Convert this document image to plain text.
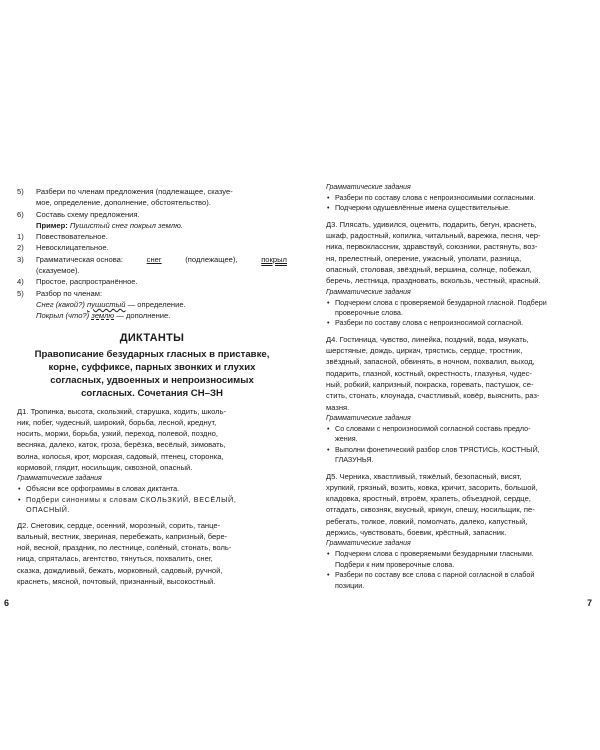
5) Разбери по членам предложения (подлежащее, сказуе-
мое, определение, дополнение, обстоятельство).
6) Составь схему предложения.
Пример: Пушистый снег покрыл землю.
1) Повествовательное.
2) Невосклицательное.
3) Грамматическая основа:	снег	(подлежащее),	покрыл
(сказуемое).
4) Простое, распространённое.
5) Разбор по членам:
Снег (какой?) пушистый — определение.
Покрыл (что?) землю — дополнение.
ДИКТАНТЫ
Правописание безударных гласных в приставке,
корне, суффиксе, парных звонких и глухих
согласных, удвоенных и непроизносимых
согласных. Сочетания СН–ЗН
Д1. Тропинка, высота, скользкий, старушка, ходить, школь-
ник, побег, чудесный, широкий, борьба, лесной, креднут,
носить, моржи, борьба, узкий, переход, полевой, поздно,
весняка, далеко, каток, гроза, берёзка, весёлый, зимовать,
волна, колосья, крот, морская, садовый, птенец, сторонка,
кормовой, глядит, носильщик, сквозной, опасный.
Грамматические задания
• Объясни все орфограммы в словах диктанта.
• Подбери синонимы к словам СКОЛЬЗКИЙ, ВЕСЁЛЫЙ,
ОПАСНЫЙ.
Д2. Снеговик, сердце, осенний, морозный, сорить, танце-
вальный, вестник, звериная, перебежать, капризный, бере-
ной, весной, праздник, по лестнице, солёный, стонать, воль-
ница, спряталась, агентство, тянуться, похвалить, снег,
сказка, дождливый, бежать, морковный, садовый, ручной,
краснеть, мясной, почтовый, признанный, высокостный.
Грамматические задания
• Разбери по составу слова с непроизносимыми согласными.
• Подчеркни одушевлённые имена существительные.
Д3. Плясать, удивился, оценить, подарить, бегун, краснеть,
шкаф, радостный, копилка, читальный, варежка, песня, чер-
ника, первоклассник, здравствуй, союзники, растянуть, воз-
ня, прелестный, оперение, ужасный, уполати, разница,
опасный, столовая, звёздный, вершина, солнце, побежал,
беречь, лестница, праздновать, вскользь, честный, красный.
Грамматические задания
• Подчеркни слова с проверяемой безударной гласной. Подбери
проверочные слова.
• Разбери по составу слова с непроизносимой согласной.
Д4. Гостиница, чувство, линейка, поздний, вода, мяукать,
шерстяные, дождь, циркач, трястись, сердце, тростник,
звёздный, запасной, обвинять, в ночном, похвалил, выход,
подарить, глазной, костный, окрестность, глазунья, чудес-
ный, робкий, капризный, покраска, горевать, пастушок, се-
стить, стонать, клоунада, счастливый, ковёр, выяснить, раз-
мазня.
Грамматические задания
• Со словами с непроизносимой согласной составь предло-
жения.
• Выполни фонетический разбор слов ТРЯСТИСЬ, КОСТНЫЙ,
ГЛАЗУНЬЯ.
Д5. Черника, хвастливый, тяжёлый, безопасный, висят,
хрупкий, грязный, возить, ковка, кричит, засорить, большой,
кладовка, яростный, втроём, храпеть, объездной, сердце,
отгадать, сквозняк, вкусный, крикун, спешу, носильщик, пе-
ребегать, толкое, ловкий, помолчать, далеко, капустный,
держись, чувствовать, боевик, крёстный, запасник.
Грамматические задания
• Подчеркни слова с проверяемыми безударными гласными.
Подбери к ним проверочные слова.
• Разбери по составу все слова с парной согласной в слабой
позиции.
6	7
